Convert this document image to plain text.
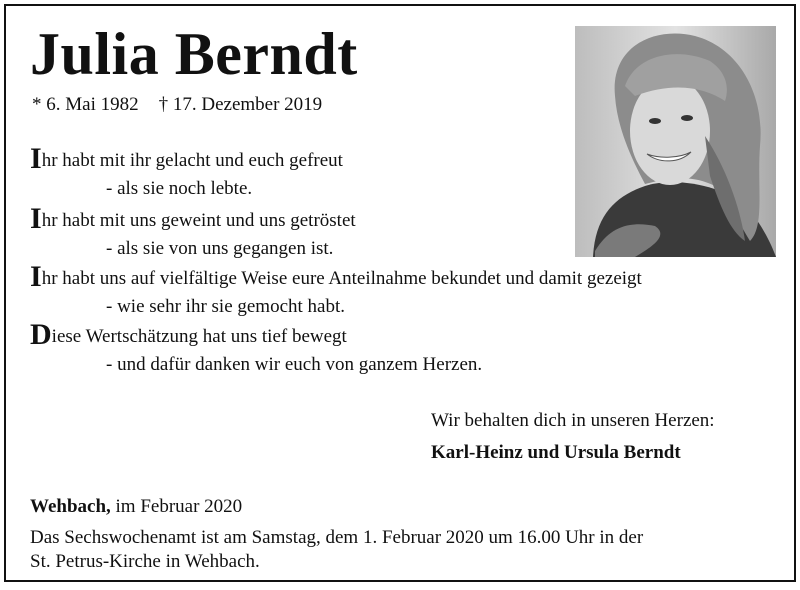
Julia Berndt
* 6. Mai 1982 † 17. Dezember 2019
Ihr habt mit ihr gelacht und euch gefreut
- als sie noch lebte.
Ihr habt mit uns geweint und uns getröstet
- als sie von uns gegangen ist.
Ihr habt uns auf vielfältige Weise eure Anteilnahme bekundet und damit gezeigt
- wie sehr ihr sie gemocht habt.
Diese Wertschätzung hat uns tief bewegt
- und dafür danken wir euch von ganzem Herzen.
Wir behalten dich in unseren Herzen:
Karl-Heinz und Ursula Berndt
Wehbach, im Februar 2020
Das Sechswochenamt ist am Samstag, dem 1. Februar 2020 um 16.00 Uhr in der
St. Petrus-Kirche in Wehbach.
